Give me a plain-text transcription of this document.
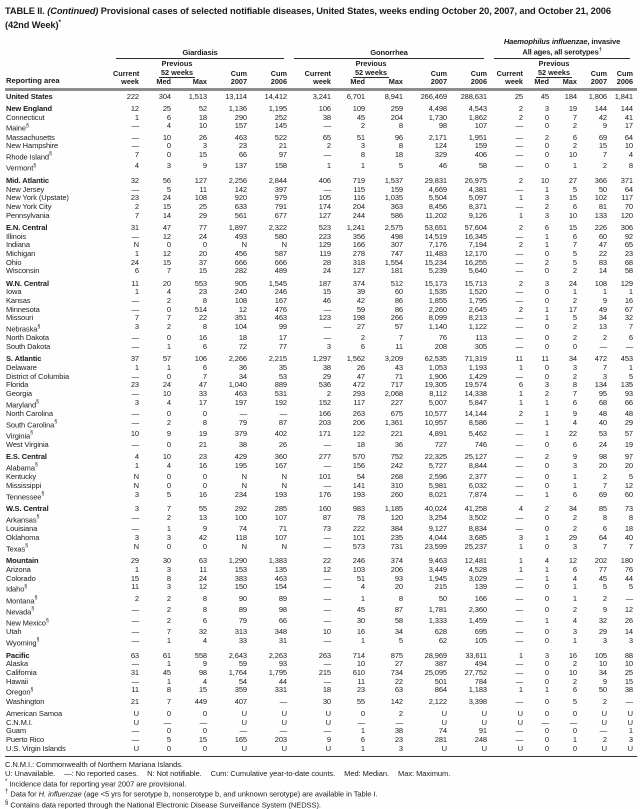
TABLE II. (Continued) Provisional cases of selected notifiable diseases, United States, weeks ending October 20, 2007, and October 21, 2006 (42nd Week)*
Reporting area
Giardiasis
Current
week
Previous
52 weeks
Med	Max
Cum
2007
Cum
2006
Gonorrhea
Current
week
Previous
52 weeks
Med	Max
Cum
2007
Cum
2006
Haemophilus influenzae, invasive
All ages, all serotypes†
Current
week
Previous
52 weeks
Med	Max
Cum
2007
Cum
2006
United States	222	304	1,513	13,114	14,412	3,241	6,701	8,941	266,469	288,631	25	45	184	1,806	1,841
New England	12	25	52	1,136	1,195	106	109	259	4,498	4,543	2	3	19	144	144
Connecticut	1	6	18	290	252	38	45	204	1,730	1,862	2	0	7	42	41
Maine§	—	4	10	157	145	—	2	8	98	107	—	0	2	9	17
Massachusetts	—	10	26	463	522	65	51	96	2,171	1,951	—	2	6	69	64
New Hampshire	—	0	3	23	21	2	3	8	124	159	—	0	2	15	10
Rhode Island§	7	0	15	66	97	—	8	18	329	406	—	0	10	7	4
Vermont§	4	3	9	137	158	1	1	5	46	58	—	0	1	2	8
Mid. Atlantic	32	56	127	2,256	2,844	406	719	1,537	29,831	26,975	2	10	27	366	371
New Jersey	—	5	11	142	397	—	115	159	4,669	4,381	—	1	5	50	64
New York (Upstate)	23	24	108	920	979	105	116	1,035	5,504	5,097	1	3	15	102	117
New York City	2	15	25	633	791	174	204	363	8,456	8,371	—	2	6	81	70
Pennsylvania	7	14	29	561	677	127	244	586	11,202	9,126	1	3	10	133	120
E.N. Central	31	47	77	1,897	2,322	523	1,241	2,575	53,651	57,604	2	6	15	226	306
Illinois	—	12	24	493	580	223	356	498	14,519	16,345	—	1	6	60	92
Indiana	N	0	0	N	N	129	166	307	7,176	7,194	2	1	7	47	65
Michigan	1	12	20	456	587	119	278	747	11,483	12,170	—	0	5	22	23
Ohio	24	15	37	666	666	28	318	1,554	15,234	16,255	—	2	5	83	68
Wisconsin	6	7	15	282	489	24	127	181	5,239	5,640	—	0	2	14	58
W.N. Central	11	20	553	905	1,545	187	374	512	15,173	15,713	2	3	24	108	129
Iowa	1	4	23	240	246	15	39	60	1,535	1,520	—	0	1	1	1
Kansas	—	2	8	108	167	46	42	86	1,855	1,795	—	0	2	9	16
Minnesota	—	0	514	12	476	—	59	86	2,260	2,645	2	1	17	49	67
Missouri	7	7	22	351	463	123	198	266	8,099	8,213	—	1	5	34	32
Nebraska§	3	2	8	104	99	—	27	57	1,140	1,122	—	0	2	13	7
North Dakota	—	0	16	18	17	—	2	7	76	113	—	0	2	2	6
South Dakota	—	1	6	72	77	3	6	11	208	305	—	0	0	—	—
S. Atlantic	37	57	106	2,266	2,215	1,297	1,562	3,209	62,535	71,319	11	11	34	472	453
Delaware	1	1	6	36	35	38	26	43	1,053	1,193	1	0	3	7	1
District of Columbia	—	0	7	34	53	29	47	71	1,906	1,429	—	0	2	3	5
Florida	23	24	47	1,040	889	536	472	717	19,305	19,574	6	3	8	134	135
Georgia	—	10	33	463	531	2	293	2,068	8,112	14,338	1	2	7	95	93
Maryland§	3	4	17	197	192	152	117	227	5,007	5,847	1	1	6	68	66
North Carolina	—	0	0	—	—	166	263	675	10,577	14,144	2	1	9	48	48
South Carolina§	—	2	8	79	87	203	206	1,361	10,957	8,586	—	1	4	40	29
Virginia§	10	9	19	379	402	171	122	221	4,891	5,462	—	1	22	53	57
West Virginia	—	0	21	38	26	—	18	36	727	746	—	0	6	24	19
E.S. Central	4	10	23	429	360	277	570	752	22,325	25,127	—	2	9	98	97
Alabama§	1	4	16	195	167	—	156	242	5,727	8,844	—	0	3	20	20
Kentucky	N	0	0	N	N	101	54	268	2,596	2,377	—	0	1	2	5
Mississippi	N	0	0	N	N	—	141	310	5,981	6,032	—	0	1	7	12
Tennessee§	3	5	16	234	193	176	193	260	8,021	7,874	—	1	6	69	60
W.S. Central	3	7	55	292	285	160	983	1,185	40,024	41,258	4	2	34	85	73
Arkansas§	—	2	13	100	107	87	78	120	3,254	3,502	—	0	2	8	8
Louisiana	—	1	9	74	71	73	222	384	9,127	8,834	—	0	2	6	18
Oklahoma	3	3	42	118	107	—	101	235	4,044	3,685	3	1	29	64	40
Texas§	N	0	0	N	N	—	573	731	23,599	25,237	1	0	3	7	7
Mountain	29	30	63	1,290	1,383	22	246	374	9,463	12,481	1	4	12	202	180
Arizona	1	3	11	153	135	12	103	206	3,449	4,528	1	1	6	77	76
Colorado	15	8	24	383	463	—	51	93	1,945	3,029	—	1	4	45	44
Idaho§	11	3	12	150	154	—	4	20	215	139	—	0	1	5	5
Montana§	2	2	8	90	89	—	1	8	50	166	—	0	1	2	—
Nevada§	—	2	8	89	98	—	45	87	1,781	2,360	—	0	2	9	12
New Mexico§	—	2	6	79	66	—	30	58	1,333	1,459	—	1	4	32	26
Utah	—	7	32	313	348	10	16	34	628	695	—	0	3	29	14
Wyoming§	—	1	4	33	31	—	1	5	62	105	—	0	1	3	3
Pacific	63	61	558	2,643	2,263	263	714	875	28,969	33,611	1	3	16	105	88
Alaska	—	1	9	59	93	—	10	27	387	494	—	0	2	10	10
California	31	45	98	1,764	1,795	215	610	734	25,095	27,752	—	0	10	34	25
Hawaii	—	1	4	54	44	—	11	22	501	784	—	0	2	9	15
Oregon§	11	8	15	359	331	18	23	63	864	1,183	1	1	6	50	38
Washington	21	7	449	407	—	30	55	142	2,122	3,398	—	0	5	2	—
American Samoa	U	0	0	U	U	U	0	2	U	U	U	0	0	U	U
C.N.M.I.	U	—	—	U	U	U	—	—	U	U	U	—	—	U	U
Guam	—	0	0	—	—	—	1	38	74	91	—	0	0	—	1
Puerto Rico	—	5	15	165	203	9	6	23	281	248	—	0	1	2	3
U.S. Virgin Islands	U	0	0	U	U	U	1	3	U	U	U	0	0	U	U
C.N.M.I.: Commonwealth of Northern Mariana Islands.
U: Unavailable. —: No reported cases. N: Not notifiable. Cum: Cumulative year-to-date counts. Med: Median. Max: Maximum.
* Incidence data for reporting year 2007 are provisional.
† Data for H. influenzae (age <5 yrs for serotype b, nonserotype b, and unknown serotype) are available in Table I.
§ Contains data reported through the National Electronic Disease Surveillance System (NEDSS).
